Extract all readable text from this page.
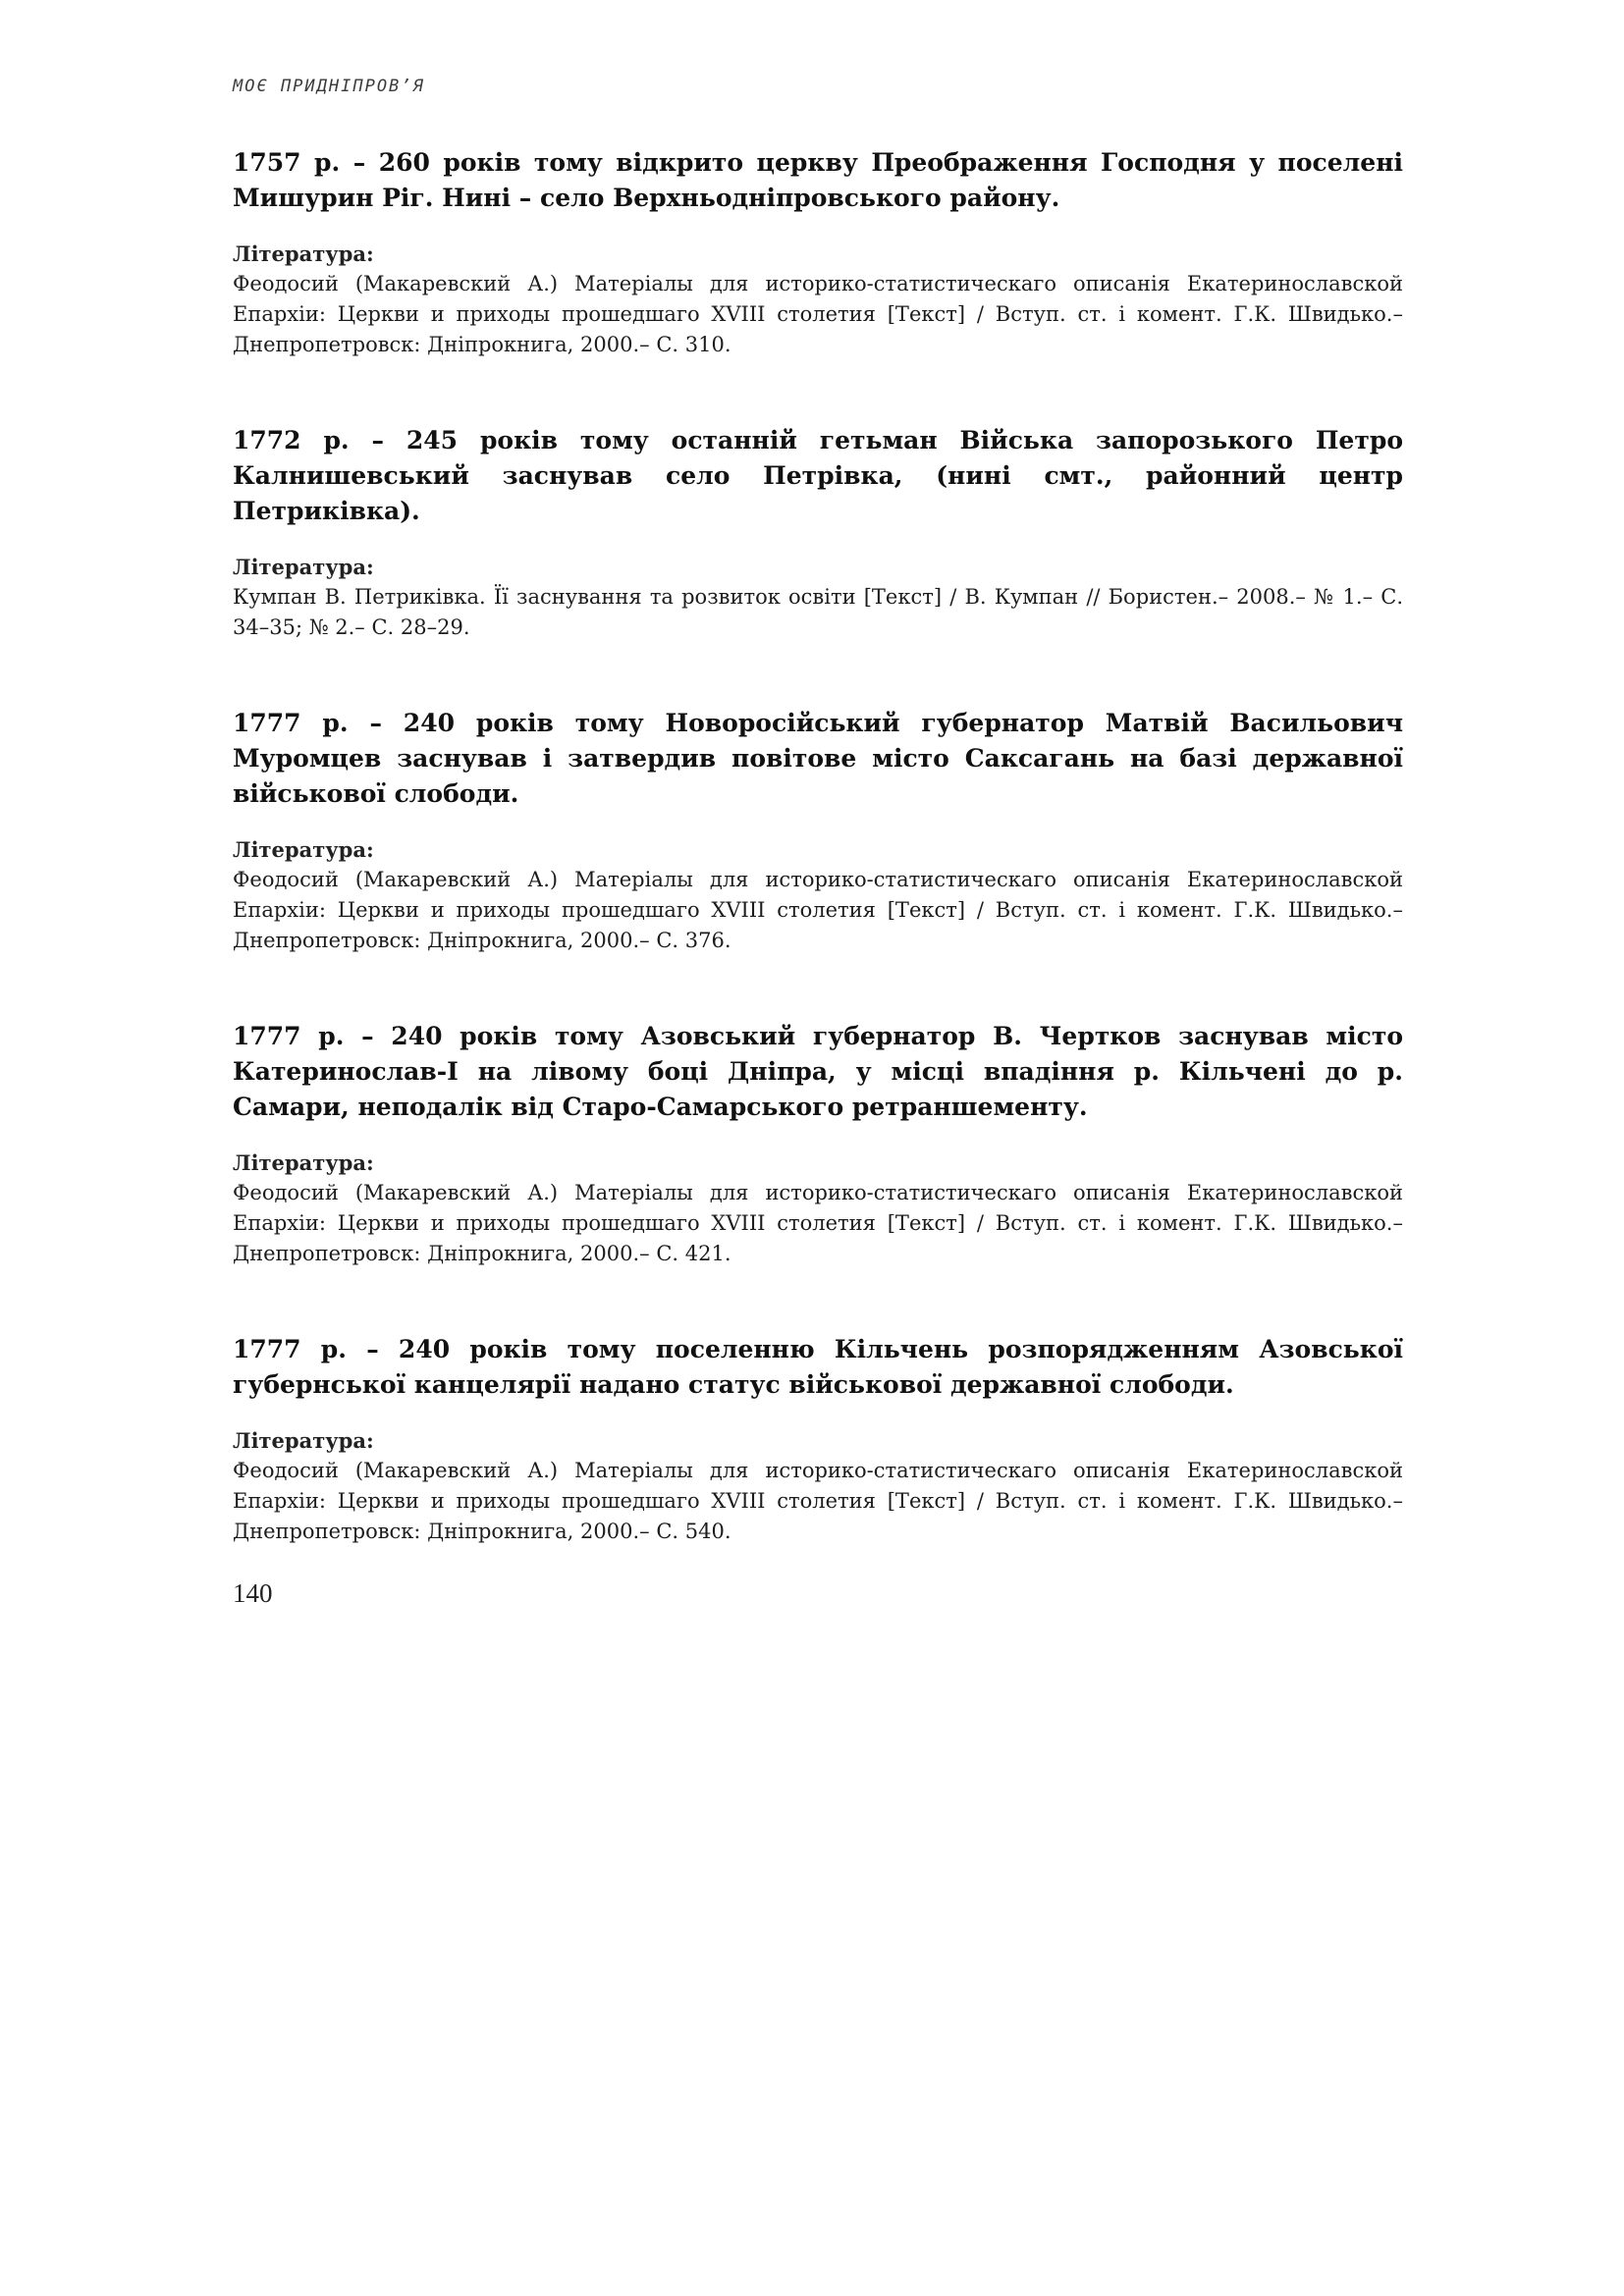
МОЄ ПРИДНІПРОВ’Я

1757 р. – 260 років тому відкрито церкву Преображення Господня у поселені Мишурин Ріг. Нині – село Верхньодніпровського району.

Література:

Феодосий (Макаревский А.) Матеріалы для историко-статистическаго описанія Екатеринославской Епархіи: Церкви и приходы прошедшаго XVIII столетия [Текст] / Вступ. ст. і комент. Г.К. Швидько.– Днепропетровск: Дніпрокнига, 2000.– С. 310.

1772 р. – 245 років тому останній гетьман Війська запорозького Петро Калнишевський заснував село Петрівка, (нині смт., районний центр Петриківка).

Література:

Кумпан В. Петриківка. Її заснування та розвиток освіти [Текст] / В. Кумпан // Бористен.– 2008.– № 1.– С. 34–35; № 2.– С. 28–29.

1777 р. – 240 років тому Новоросійський губернатор Матвій Васильович Муромцев заснував і затвердив повітове місто Саксагань на базі державної військової слободи.

Література:

Феодосий (Макаревский А.) Матеріалы для историко-статистическаго описанія Екатеринославской Епархіи: Церкви и приходы прошедшаго XVIII столетия [Текст] / Вступ. ст. і комент. Г.К. Швидько.– Днепропетровск: Дніпрокнига, 2000.– С. 376.

1777 р. – 240 років тому Азовський губернатор В. Чертков заснував місто Катеринослав-І на лівому боці Дніпра, у місці впадіння р. Кільчені до р. Самари, неподалік від Старо-Самарського ретраншементу.

Література:

Феодосий (Макаревский А.) Матеріалы для историко-статистическаго описанія Екатеринославской Епархіи: Церкви и приходы прошедшаго XVIII столетия [Текст] / Вступ. ст. і комент. Г.К. Швидько.– Днепропетровск: Дніпрокнига, 2000.– С. 421.

1777 р. – 240 років тому поселенню Кільчень розпорядженням Азовської губернської канцелярії надано статус військової державної слободи.

Література:

Феодосий (Макаревский А.) Матеріалы для историко-статистическаго описанія Екатеринославской Епархіи: Церкви и приходы прошедшаго XVIII столетия [Текст] / Вступ. ст. і комент. Г.К. Швидько.– Днепропетровск: Дніпрокнига, 2000.– С. 540.

140
